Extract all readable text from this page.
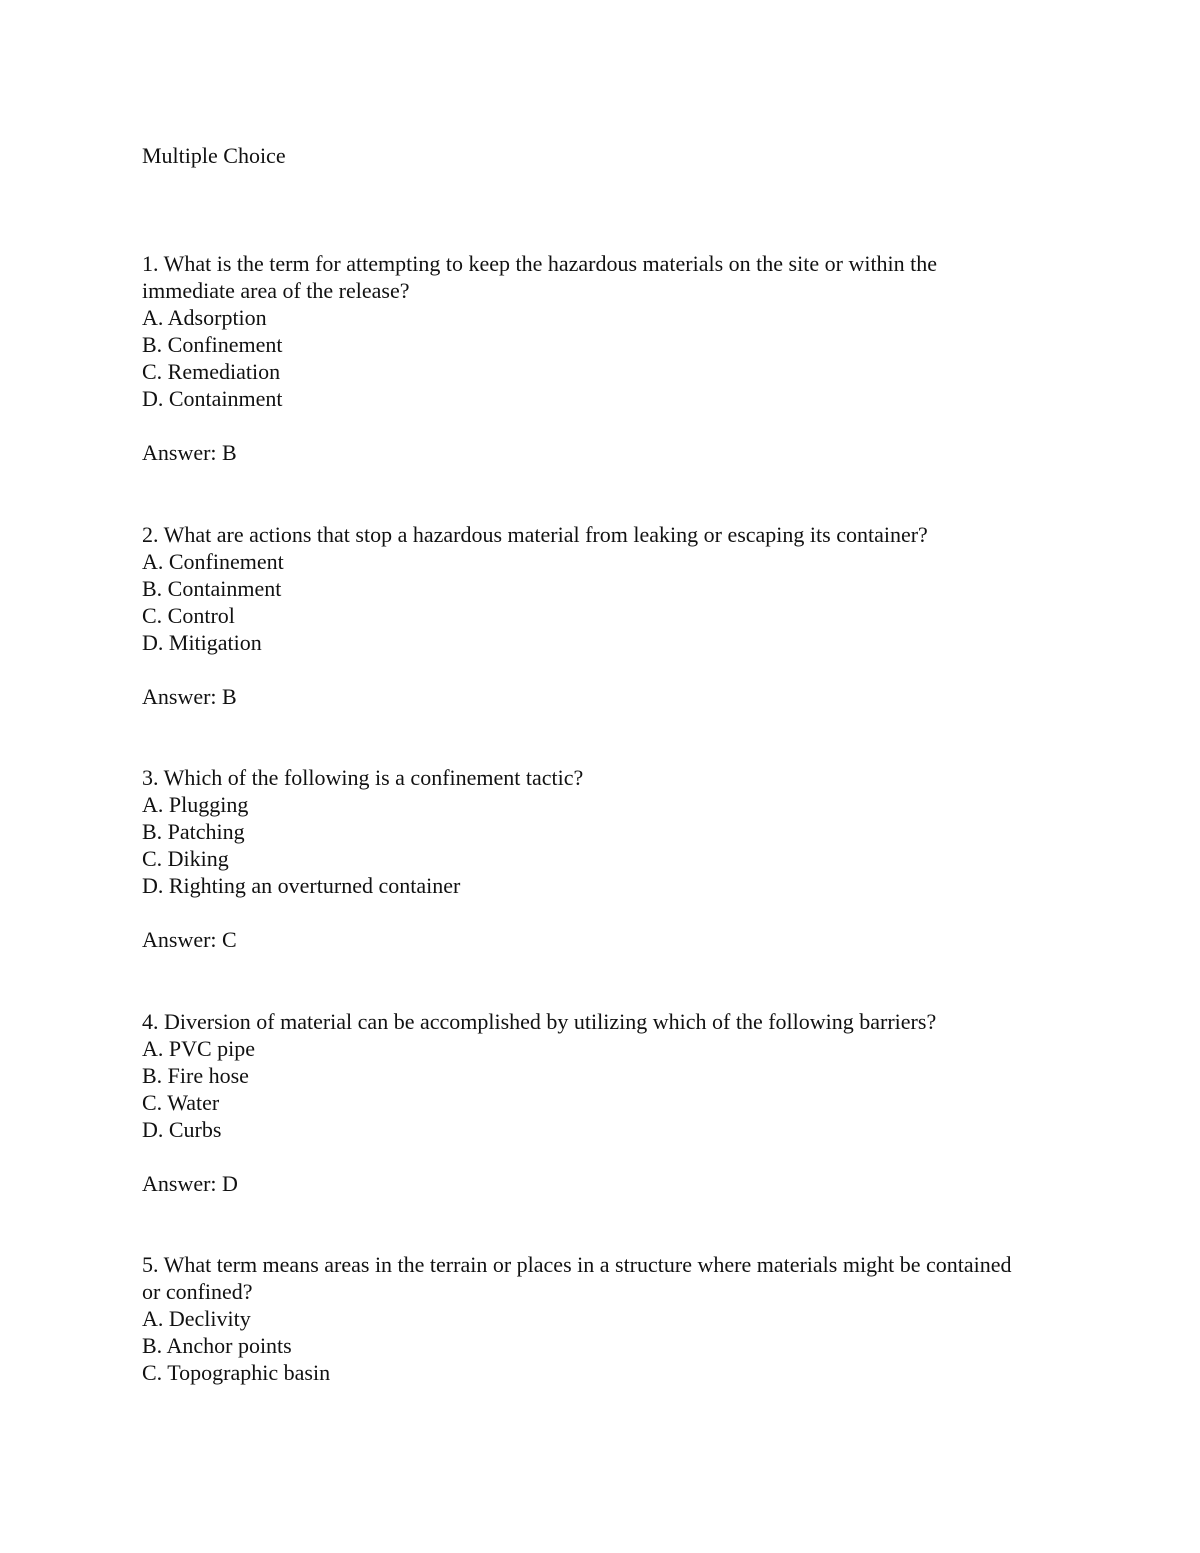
Multiple Choice

1. What is the term for attempting to keep the hazardous materials on the site or within the immediate area of the release?

A. Adsorption
B. Confinement
C. Remediation
D. Containment

Answer: B

2. What are actions that stop a hazardous material from leaking or escaping its container?

A. Confinement
B. Containment
C. Control
D. Mitigation

Answer: B

3. Which of the following is a confinement tactic?

A. Plugging
B. Patching
C. Diking
D. Righting an overturned container

Answer: C

4. Diversion of material can be accomplished by utilizing which of the following barriers?

A. PVC pipe
B. Fire hose
C. Water
D. Curbs

Answer: D

5. What term means areas in the terrain or places in a structure where materials might be contained or confined?

A. Declivity
B. Anchor points
C. Topographic basin
